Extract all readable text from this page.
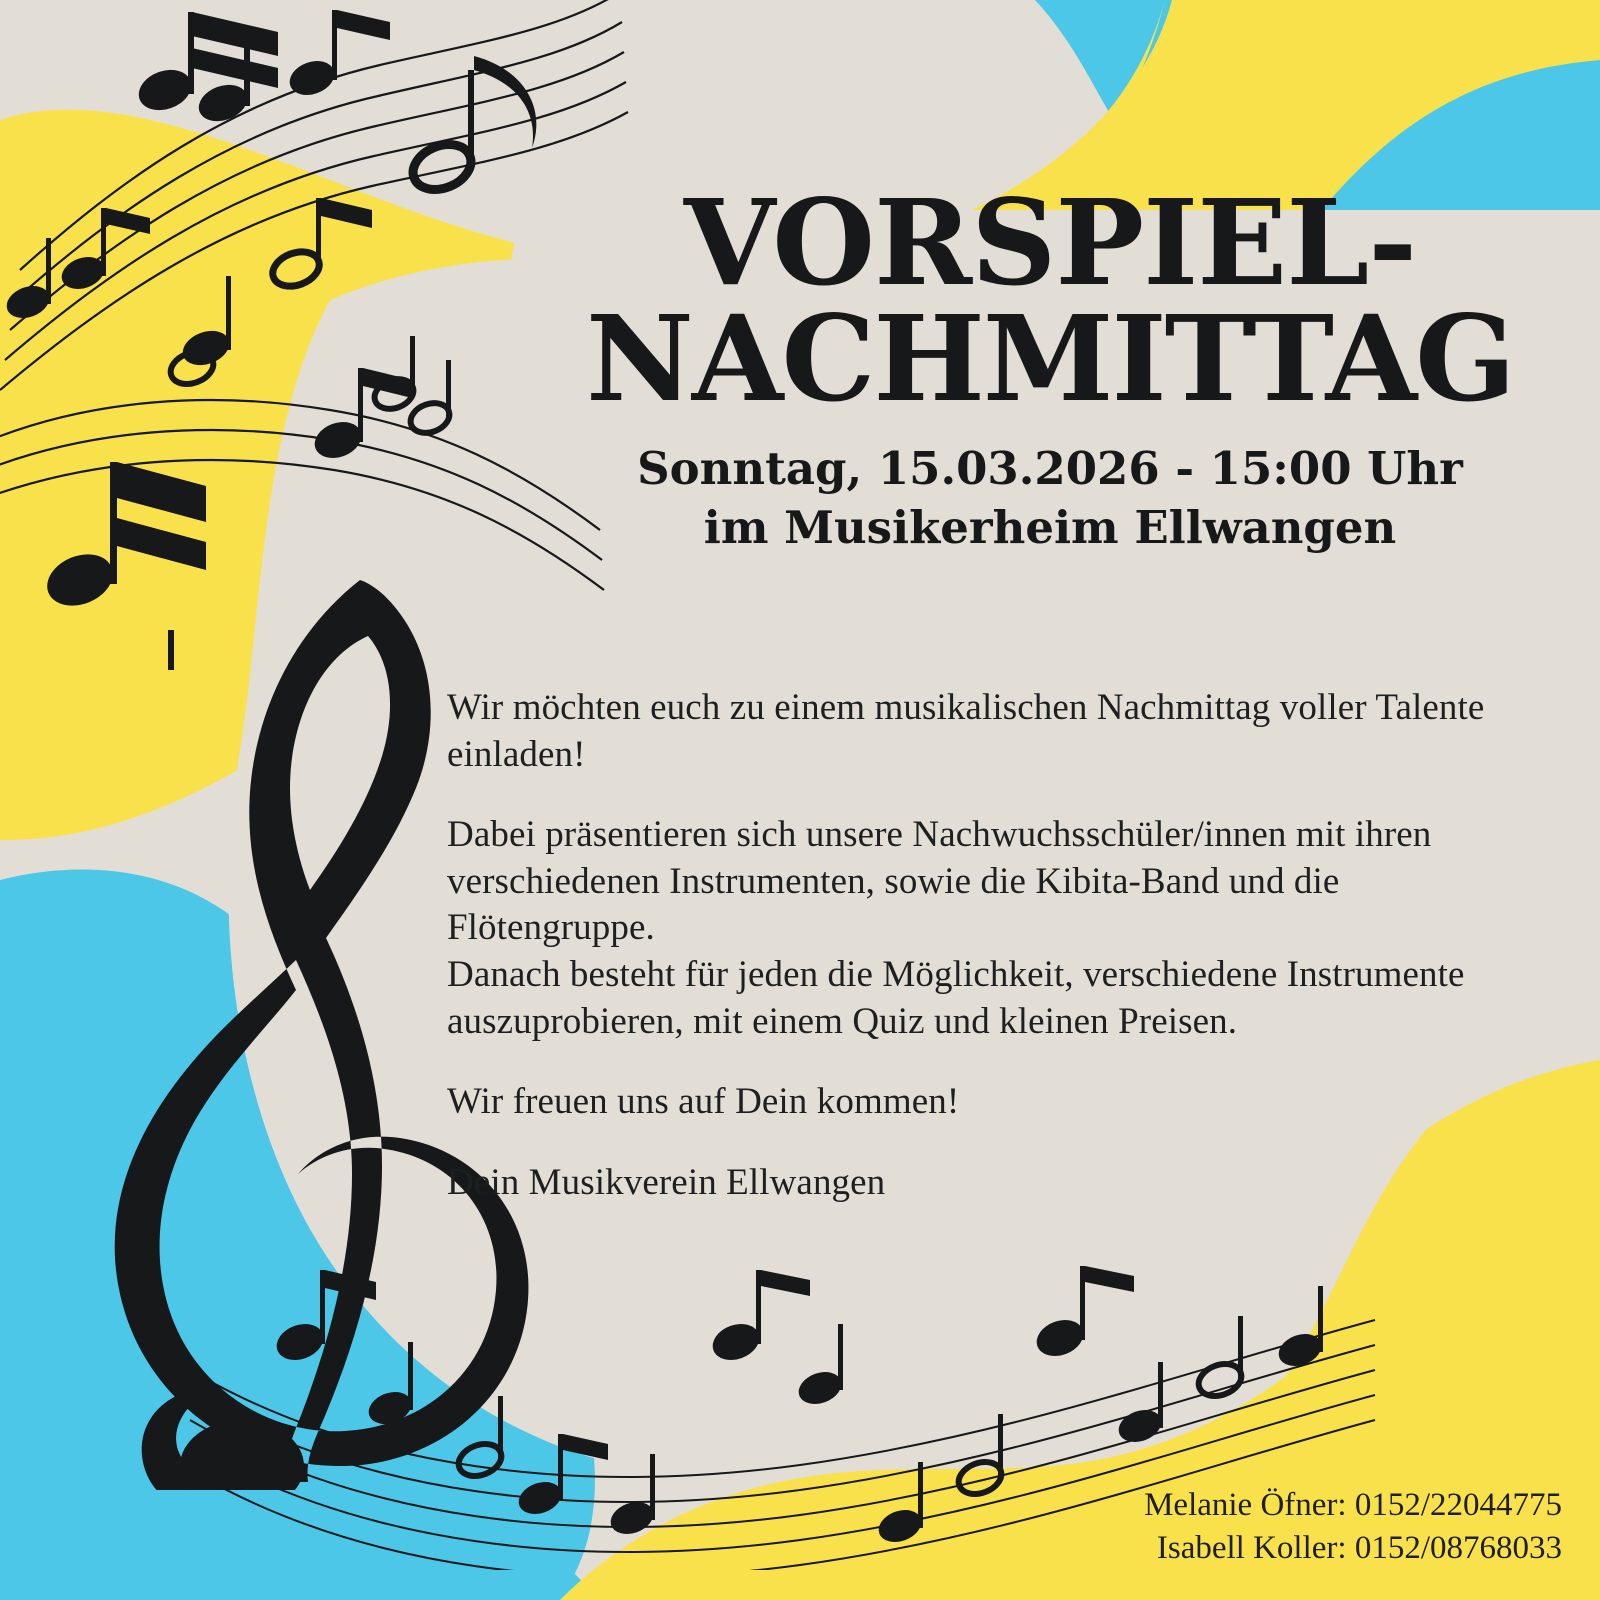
VORSPIEL-
NACHMITTAG

Sonntag, 15.03.2026 - 15:00 Uhr

im Musikerheim Ellwangen

Wir möchten euch zu einem musikalischen Nachmittag voller Talente einladen!

Dabei präsentieren sich unsere Nachwuchsschüler/innen mit ihren verschiedenen Instrumenten, sowie die Kibita-Band und die Flötengruppe.
Danach besteht für jeden die Möglichkeit, verschiedene Instrumente auszuprobieren, mit einem Quiz und kleinen Preisen.

Wir freuen uns auf Dein kommen!

Dein Musikverein Ellwangen

Melanie Öfner: 0152/22044775
Isabell Koller: 0152/08768033
